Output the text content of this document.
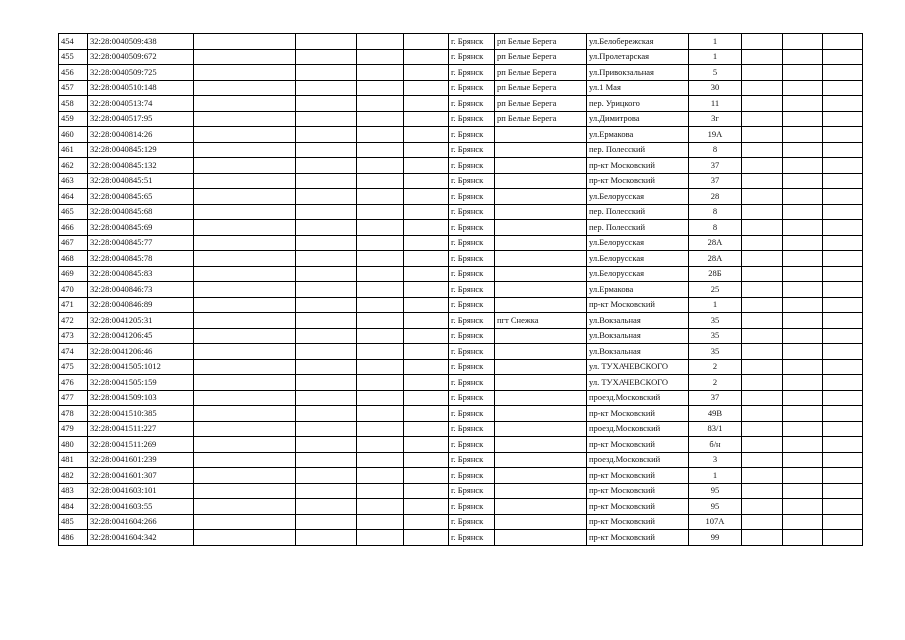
454	32:28:0040509:438					г. Брянск	рп Белые Берега	ул.Белобережская	1			
455	32:28:0040509:672					г. Брянск	рп Белые Берега	ул.Пролетарская	1			
456	32:28:0040509:725					г. Брянск	рп Белые Берега	ул.Привокзальная	5			
457	32:28:0040510:148					г. Брянск	рп Белые Берега	ул.1 Мая	30			
458	32:28:0040513:74					г. Брянск	рп Белые Берега	пер. Урицкого	11			
459	32:28:0040517:95					г. Брянск	рп Белые Берега	ул.Димитрова	3г			
460	32:28:0040814:26					г. Брянск		ул.Ермакова	19А			
461	32:28:0040845:129					г. Брянск		пер. Полесский	8			
462	32:28:0040845:132					г. Брянск		пр-кт Московский	37			
463	32:28:0040845:51					г. Брянск		пр-кт Московский	37			
464	32:28:0040845:65					г. Брянск		ул.Белорусская	28			
465	32:28:0040845:68					г. Брянск		пер. Полесский	8			
466	32:28:0040845:69					г. Брянск		пер. Полесский	8			
467	32:28:0040845:77					г. Брянск		ул.Белорусская	28А			
468	32:28:0040845:78					г. Брянск		ул.Белорусская	28А			
469	32:28:0040845:83					г. Брянск		ул.Белорусская	28Б			
470	32:28:0040846:73					г. Брянск		ул.Ермакова	25			
471	32:28:0040846:89					г. Брянск		пр-кт Московский	1			
472	32:28:0041205:31					г. Брянск	пгт Снежка	ул.Вокзальная	35			
473	32:28:0041206:45					г. Брянск		ул.Вокзальная	35			
474	32:28:0041206:46					г. Брянск		ул.Вокзальная	35			
475	32:28:0041505:1012					г. Брянск		ул. ТУХАЧЕВСКОГО	2			
476	32:28:0041505:159					г. Брянск		ул. ТУХАЧЕВСКОГО	2			
477	32:28:0041509:103					г. Брянск		проезд.Московский	37			
478	32:28:0041510:385					г. Брянск		пр-кт Московский	49В			
479	32:28:0041511:227					г. Брянск		проезд.Московский	83/1			
480	32:28:0041511:269					г. Брянск		пр-кт Московский	б/н			
481	32:28:0041601:239					г. Брянск		проезд.Московский	3			
482	32:28:0041601:307					г. Брянск		пр-кт Московский	1			
483	32:28:0041603:101					г. Брянск		пр-кт Московский	95			
484	32:28:0041603:55					г. Брянск		пр-кт Московский	95			
485	32:28:0041604:266					г. Брянск		пр-кт Московский	107А			
486	32:28:0041604:342					г. Брянск		пр-кт Московский	99			
